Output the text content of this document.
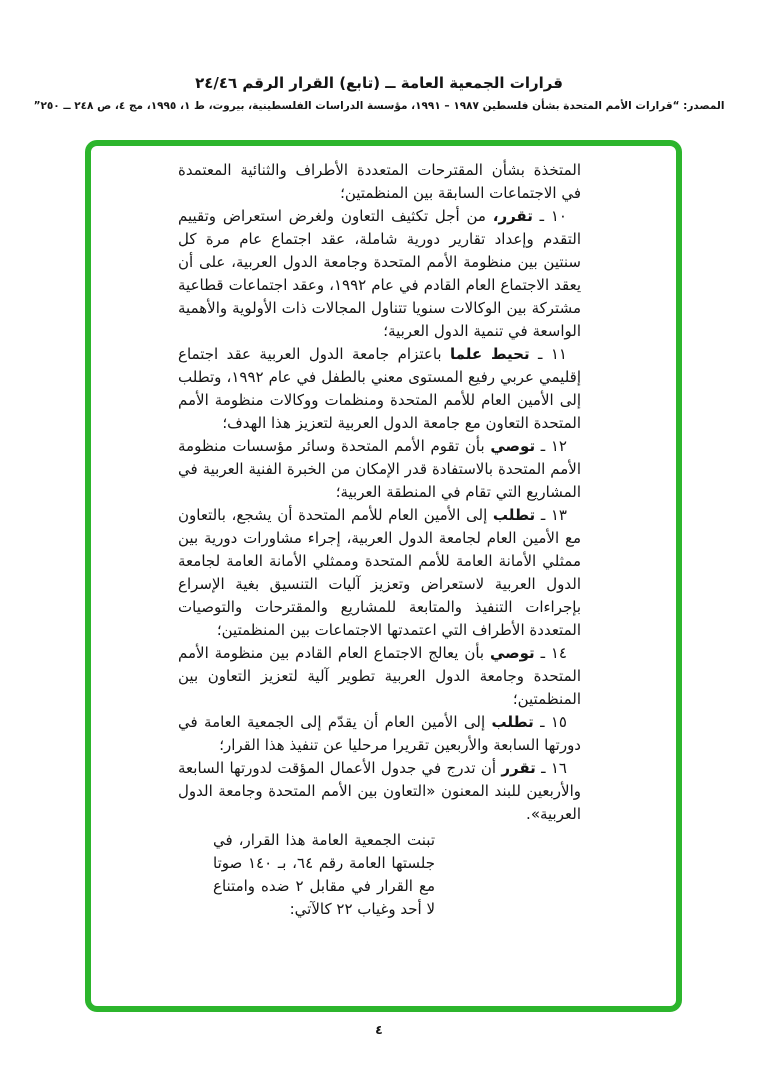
قرارات الجمعية العامة ــ (تابع) القرار الرقم ٢٤/٤٦
المصدر: “قرارات الأمم المتحدة بشأن فلسطين ١٩٨٧ – ١٩٩١، مؤسسة الدراسات الفلسطينية، بيروت، ط ١، ١٩٩٥، مج ٤، ص ٢٤٨ ــ ٢٥٠”

المتخذة بشأن المقترحات المتعددة الأطراف والثنائية المعتمدة في الاجتماعات السابقة بين المنظمتين؛

١٠ ـ تقرر، من أجل تكثيف التعاون ولغرض استعراض وتقييم التقدم وإعداد تقارير دورية شاملة، عقد اجتماع عام مرة كل سنتين بين منظومة الأمم المتحدة وجامعة الدول العربية، على أن يعقد الاجتماع العام القادم في عام ١٩٩٢، وعقد اجتماعات قطاعية مشتركة بين الوكالات سنويا تتناول المجالات ذات الأولوية والأهمية الواسعة في تنمية الدول العربية؛

١١ ـ تحيط علما باعتزام جامعة الدول العربية عقد اجتماع إقليمي عربي رفيع المستوى معني بالطفل في عام ١٩٩٢، وتطلب إلى الأمين العام للأمم المتحدة ومنظمات ووكالات منظومة الأمم المتحدة التعاون مع جامعة الدول العربية لتعزيز هذا الهدف؛

١٢ ـ توصي بأن تقوم الأمم المتحدة وسائر مؤسسات منظومة الأمم المتحدة بالاستفادة قدر الإمكان من الخبرة الفنية العربية في المشاريع التي تقام في المنطقة العربية؛

١٣ ـ تطلب إلى الأمين العام للأمم المتحدة أن يشجع، بالتعاون مع الأمين العام لجامعة الدول العربية، إجراء مشاورات دورية بين ممثلي الأمانة العامة للأمم المتحدة وممثلي الأمانة العامة لجامعة الدول العربية لاستعراض وتعزيز آليات التنسيق بغية الإسراع بإجراءات التنفيذ والمتابعة للمشاريع والمقترحات والتوصيات المتعددة الأطراف التي اعتمدتها الاجتماعات بين المنظمتين؛

١٤ ـ توصي بأن يعالج الاجتماع العام القادم بين منظومة الأمم المتحدة وجامعة الدول العربية تطوير آلية لتعزيز التعاون بين المنظمتين؛

١٥ ـ تطلب إلى الأمين العام أن يقدّم إلى الجمعية العامة في دورتها السابعة والأربعين تقريرا مرحليا عن تنفيذ هذا القرار؛

١٦ ـ تقرر أن تدرج في جدول الأعمال المؤقت لدورتها السابعة والأربعين للبند المعنون «التعاون بين الأمم المتحدة وجامعة الدول العربية».

تبنت الجمعية العامة هذا القرار، في جلستها العامة رقم ٦٤، بـ ١٤٠ صوتا مع القرار في مقابل ٢ ضده وامتناع لا أحد وغياب ٢٢ كالآتي:
٤
